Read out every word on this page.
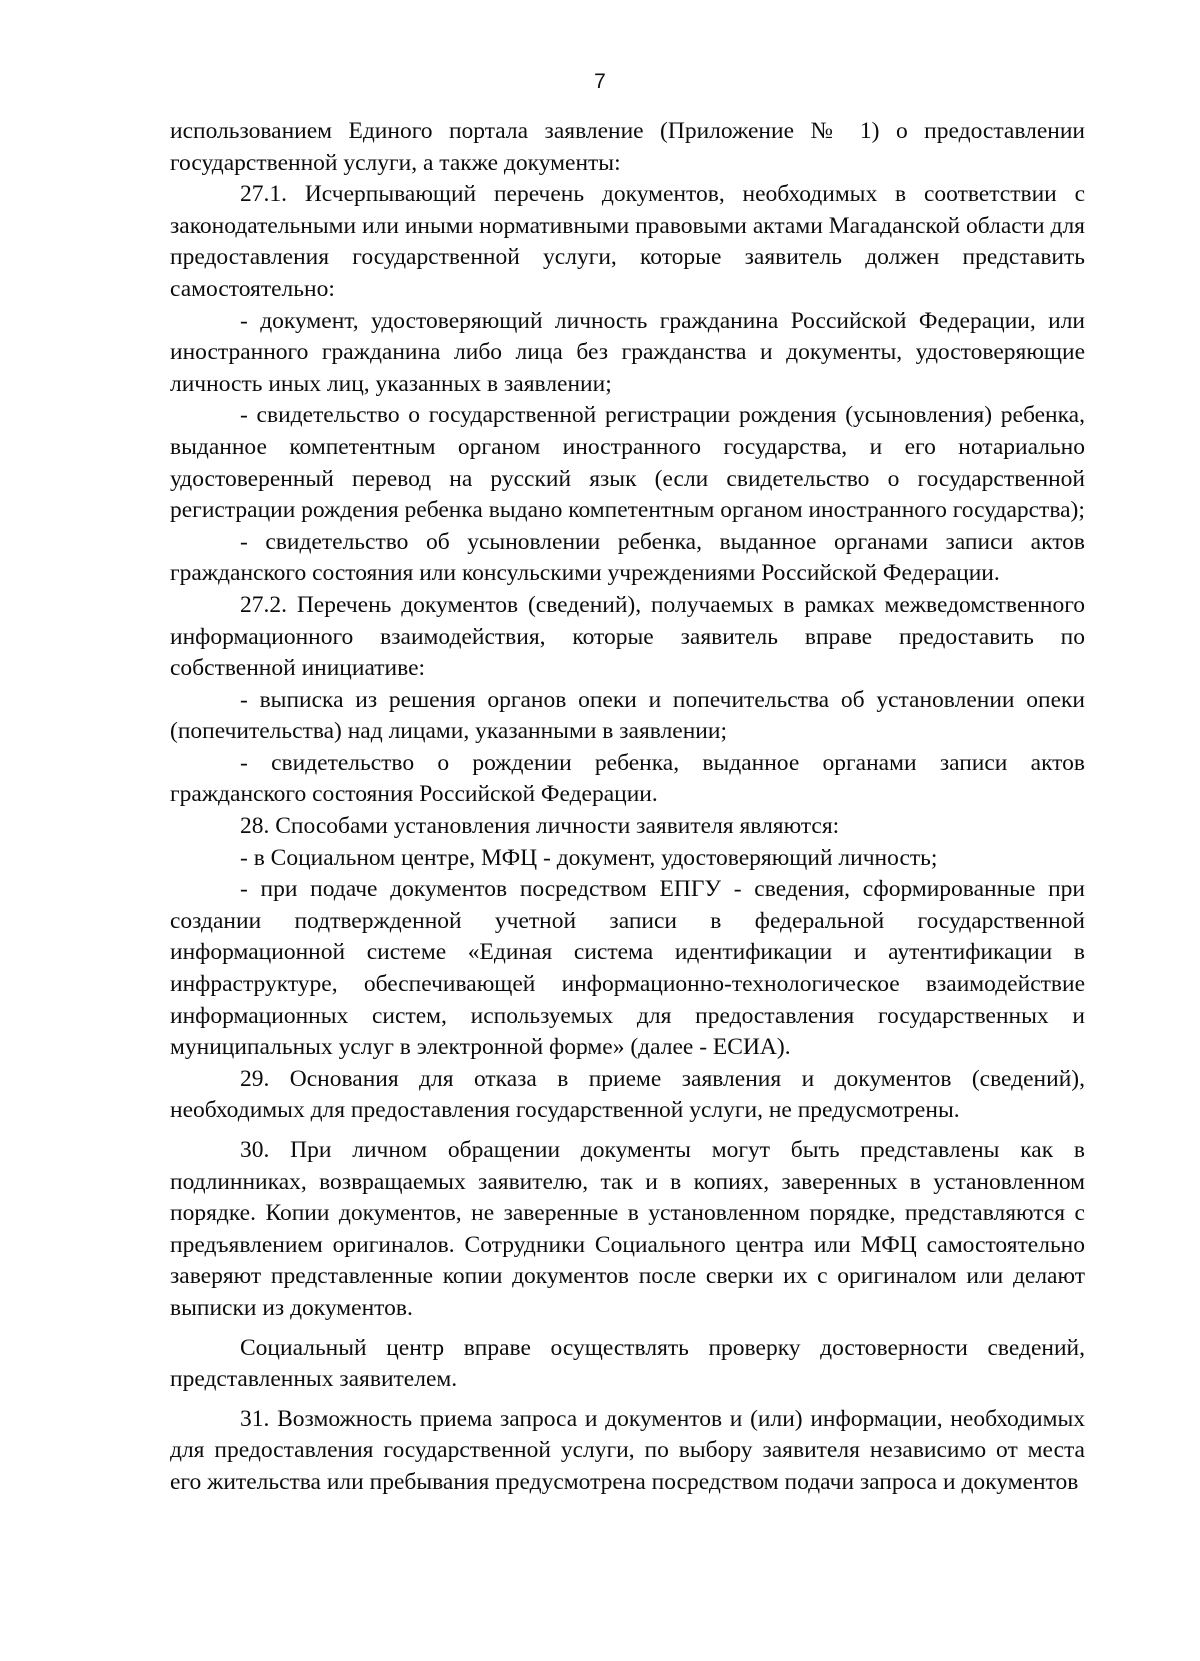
7

использованием Единого портала заявление (Приложение № 1) о предоставлении государственной услуги, а также документы:

27.1. Исчерпывающий перечень документов, необходимых в соответствии с законодательными или иными нормативными правовыми актами Магаданской области для предоставления государственной услуги, которые заявитель должен представить самостоятельно:

- документ, удостоверяющий личность гражданина Российской Федерации, или иностранного гражданина либо лица без гражданства и документы, удостоверяющие личность иных лиц, указанных в заявлении;

- свидетельство о государственной регистрации рождения (усыновления) ребенка, выданное компетентным органом иностранного государства, и его нотариально удостоверенный перевод на русский язык (если свидетельство о государственной регистрации рождения ребенка выдано компетентным органом иностранного государства);

- свидетельство об усыновлении ребенка, выданное органами записи актов гражданского состояния или консульскими учреждениями Российской Федерации.

27.2. Перечень документов (сведений), получаемых в рамках межведомственного информационного взаимодействия, которые заявитель вправе предоставить по собственной инициативе:

- выписка из решения органов опеки и попечительства об установлении опеки (попечительства) над лицами, указанными в заявлении;

- свидетельство о рождении ребенка, выданное органами записи актов гражданского состояния Российской Федерации.

28. Способами установления личности заявителя являются:

- в Социальном центре, МФЦ - документ, удостоверяющий личность;

- при подаче документов посредством ЕПГУ - сведения, сформированные при создании подтвержденной учетной записи в федеральной государственной информационной системе «Единая система идентификации и аутентификации в инфраструктуре, обеспечивающей информационно-технологическое взаимодействие информационных систем, используемых для предоставления государственных и муниципальных услуг в электронной форме» (далее - ЕСИА).

29. Основания для отказа в приеме заявления и документов (сведений), необходимых для предоставления государственной услуги, не предусмотрены.

30. При личном обращении документы могут быть представлены как в подлинниках, возвращаемых заявителю, так и в копиях, заверенных в установленном порядке. Копии документов, не заверенные в установленном порядке, представляются с предъявлением оригиналов. Сотрудники Социального центра или МФЦ самостоятельно заверяют представленные копии документов после сверки их с оригиналом или делают выписки из документов.

Социальный центр вправе осуществлять проверку достоверности сведений, представленных заявителем.

31. Возможность приема запроса и документов и (или) информации, необходимых для предоставления государственной услуги, по выбору заявителя независимо от места его жительства или пребывания предусмотрена посредством подачи запроса и документов
